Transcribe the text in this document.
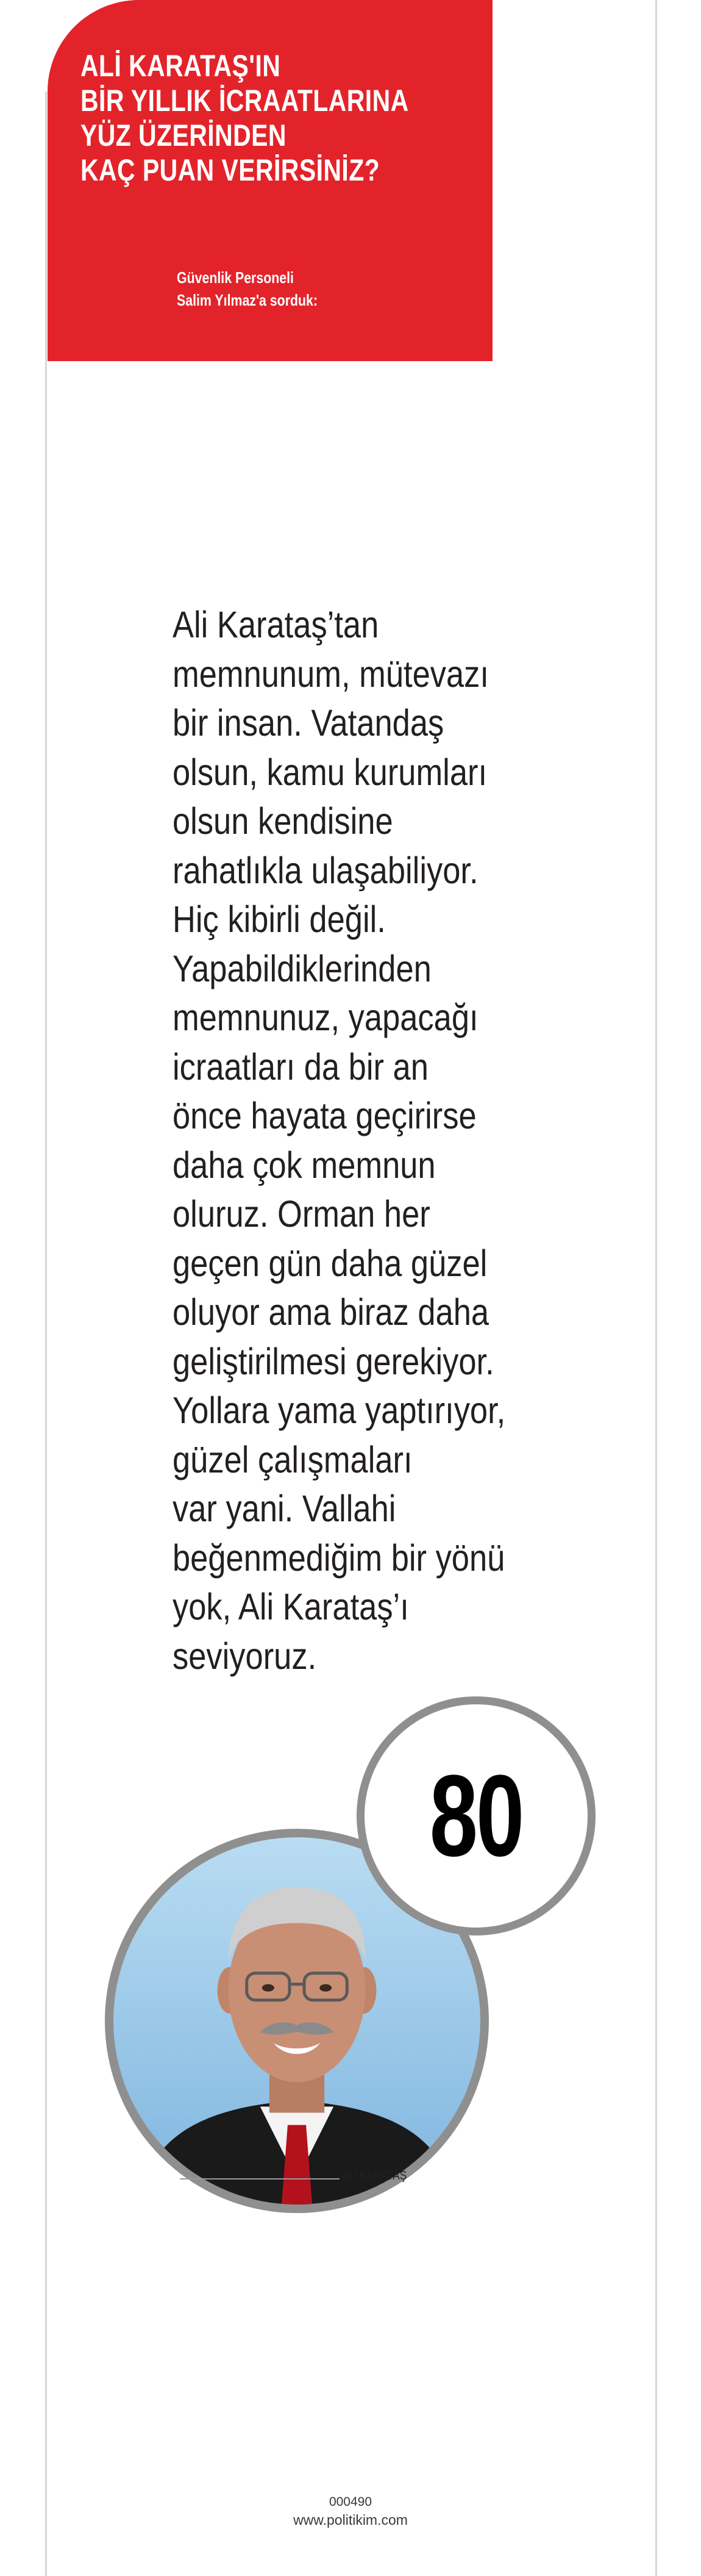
ALİ KARATAŞ'IN
BİR YILLIK İCRAATLARINA
YÜZ ÜZERİNDEN
KAÇ PUAN VERİRSİNİZ?
Güvenlik Personeli
Salim Yılmaz'a sorduk:
Ali Karataş’tan
memnunum, mütevazı
bir insan. Vatandaş
olsun, kamu kurumları
olsun kendisine
rahatlıkla ulaşabiliyor.
Hiç kibirli değil.
Yapabildiklerinden
memnunuz, yapacağı
icraatları da bir an
önce hayata geçirirse
daha çok memnun
oluruz. Orman her
geçen gün daha güzel
oluyor ama biraz daha
geliştirilmesi gerekiyor.
Yollara yama yaptırıyor,
güzel çalışmaları
var yani. Vallahi
beğenmediğim bir yönü
yok, Ali Karataş’ı
seviyoruz.
80
ALİ KARATAŞ
000490
www.politikim.com
